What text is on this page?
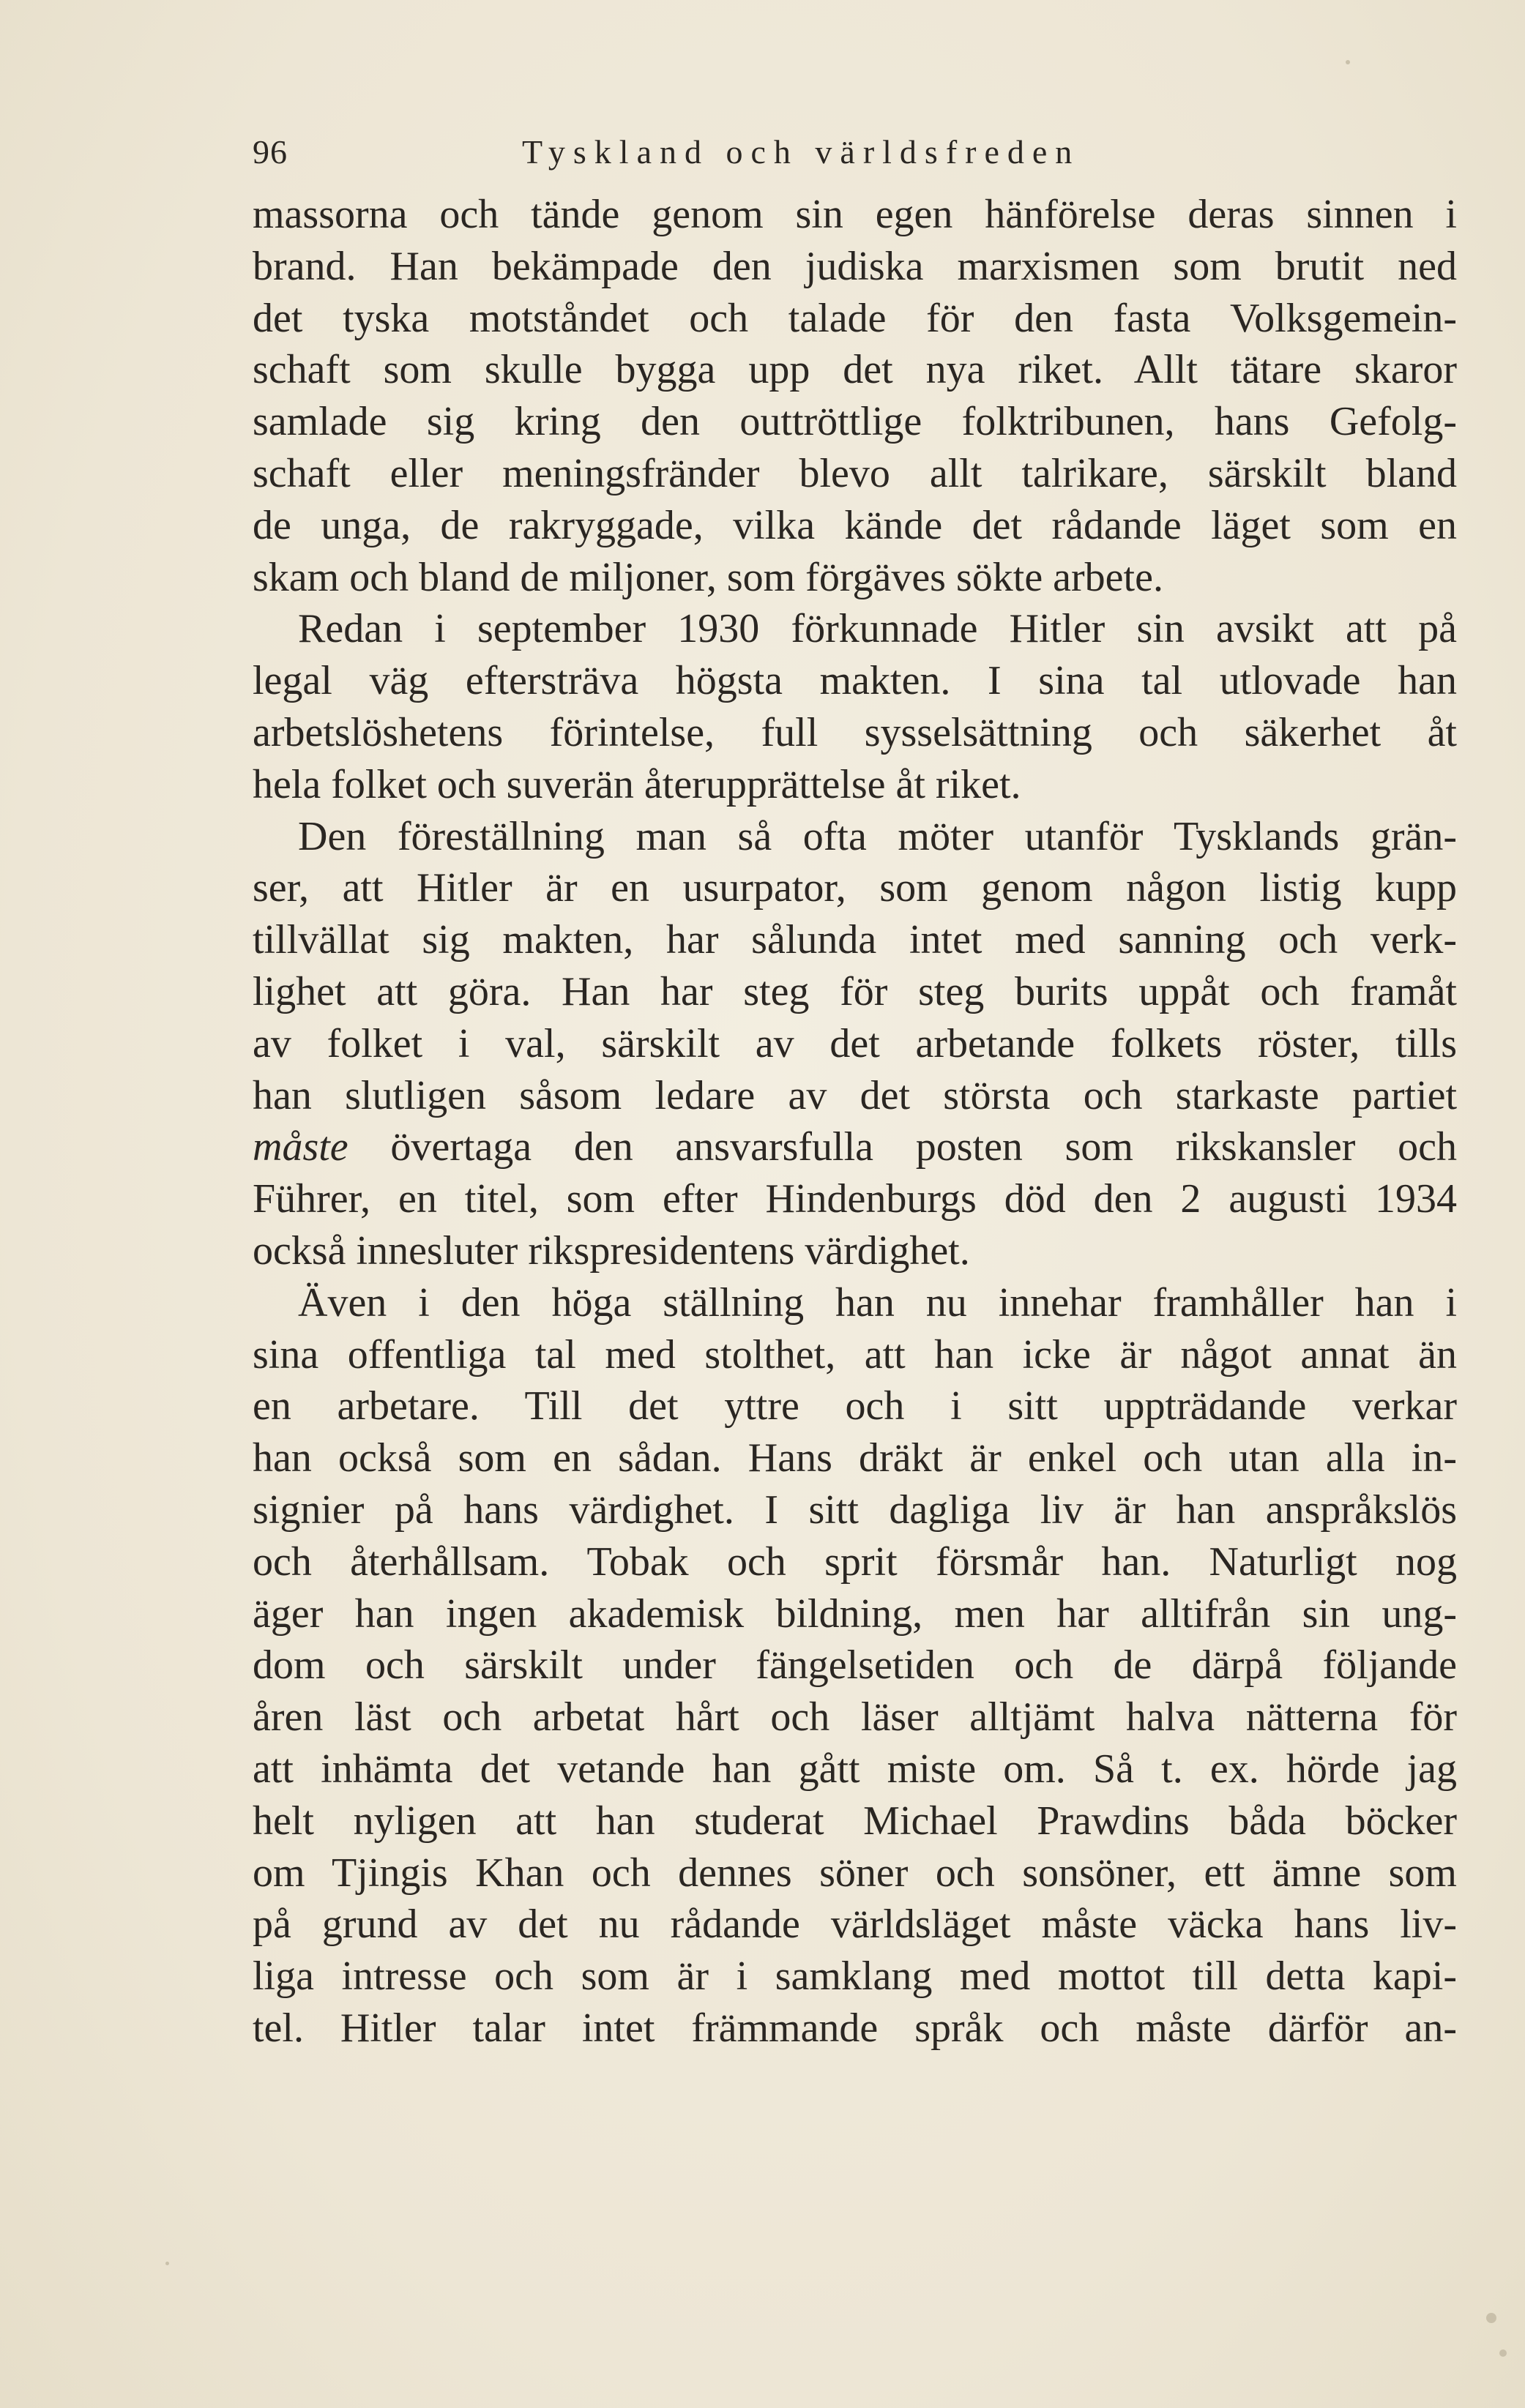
96	Tyskland och världsfreden
massorna och tände genom sin egen hänförelse deras sinnen i
brand. Han bekämpade den judiska marxismen som brutit ned
det tyska motståndet och talade för den fasta Volksgemein-
schaft som skulle bygga upp det nya riket. Allt tätare skaror
samlade sig kring den outtröttlige folktribunen, hans Gefolg-
schaft eller meningsfränder blevo allt talrikare, särskilt bland
de unga, de rakryggade, vilka kände det rådande läget som en
skam och bland de miljoner, som förgäves sökte arbete.
Redan i september 1930 förkunnade Hitler sin avsikt att på
legal väg eftersträva högsta makten. I sina tal utlovade han
arbetslöshetens förintelse, full sysselsättning och säkerhet åt
hela folket och suverän återupprättelse åt riket.
Den föreställning man så ofta möter utanför Tysklands grän-
ser, att Hitler är en usurpator, som genom någon listig kupp
tillvällat sig makten, har sålunda intet med sanning och verk-
lighet att göra. Han har steg för steg burits uppåt och framåt
av folket i val, särskilt av det arbetande folkets röster, tills
han slutligen såsom ledare av det största och starkaste partiet
måste övertaga den ansvarsfulla posten som rikskansler och
Führer, en titel, som efter Hindenburgs död den 2 augusti 1934
också innesluter rikspresidentens värdighet.
Även i den höga ställning han nu innehar framhåller han i
sina offentliga tal med stolthet, att han icke är något annat än
en arbetare. Till det yttre och i sitt uppträdande verkar
han också som en sådan. Hans dräkt är enkel och utan alla in-
signier på hans värdighet. I sitt dagliga liv är han anspråkslös
och återhållsam. Tobak och sprit försmår han. Naturligt nog
äger han ingen akademisk bildning, men har alltifrån sin ung-
dom och särskilt under fängelsetiden och de därpå följande
åren läst och arbetat hårt och läser alltjämt halva nätterna för
att inhämta det vetande han gått miste om. Så t. ex. hörde jag
helt nyligen att han studerat Michael Prawdins båda böcker
om Tjingis Khan och dennes söner och sonsöner, ett ämne som
på grund av det nu rådande världsläget måste väcka hans liv-
liga intresse och som är i samklang med mottot till detta kapi-
tel. Hitler talar intet främmande språk och måste därför an-
